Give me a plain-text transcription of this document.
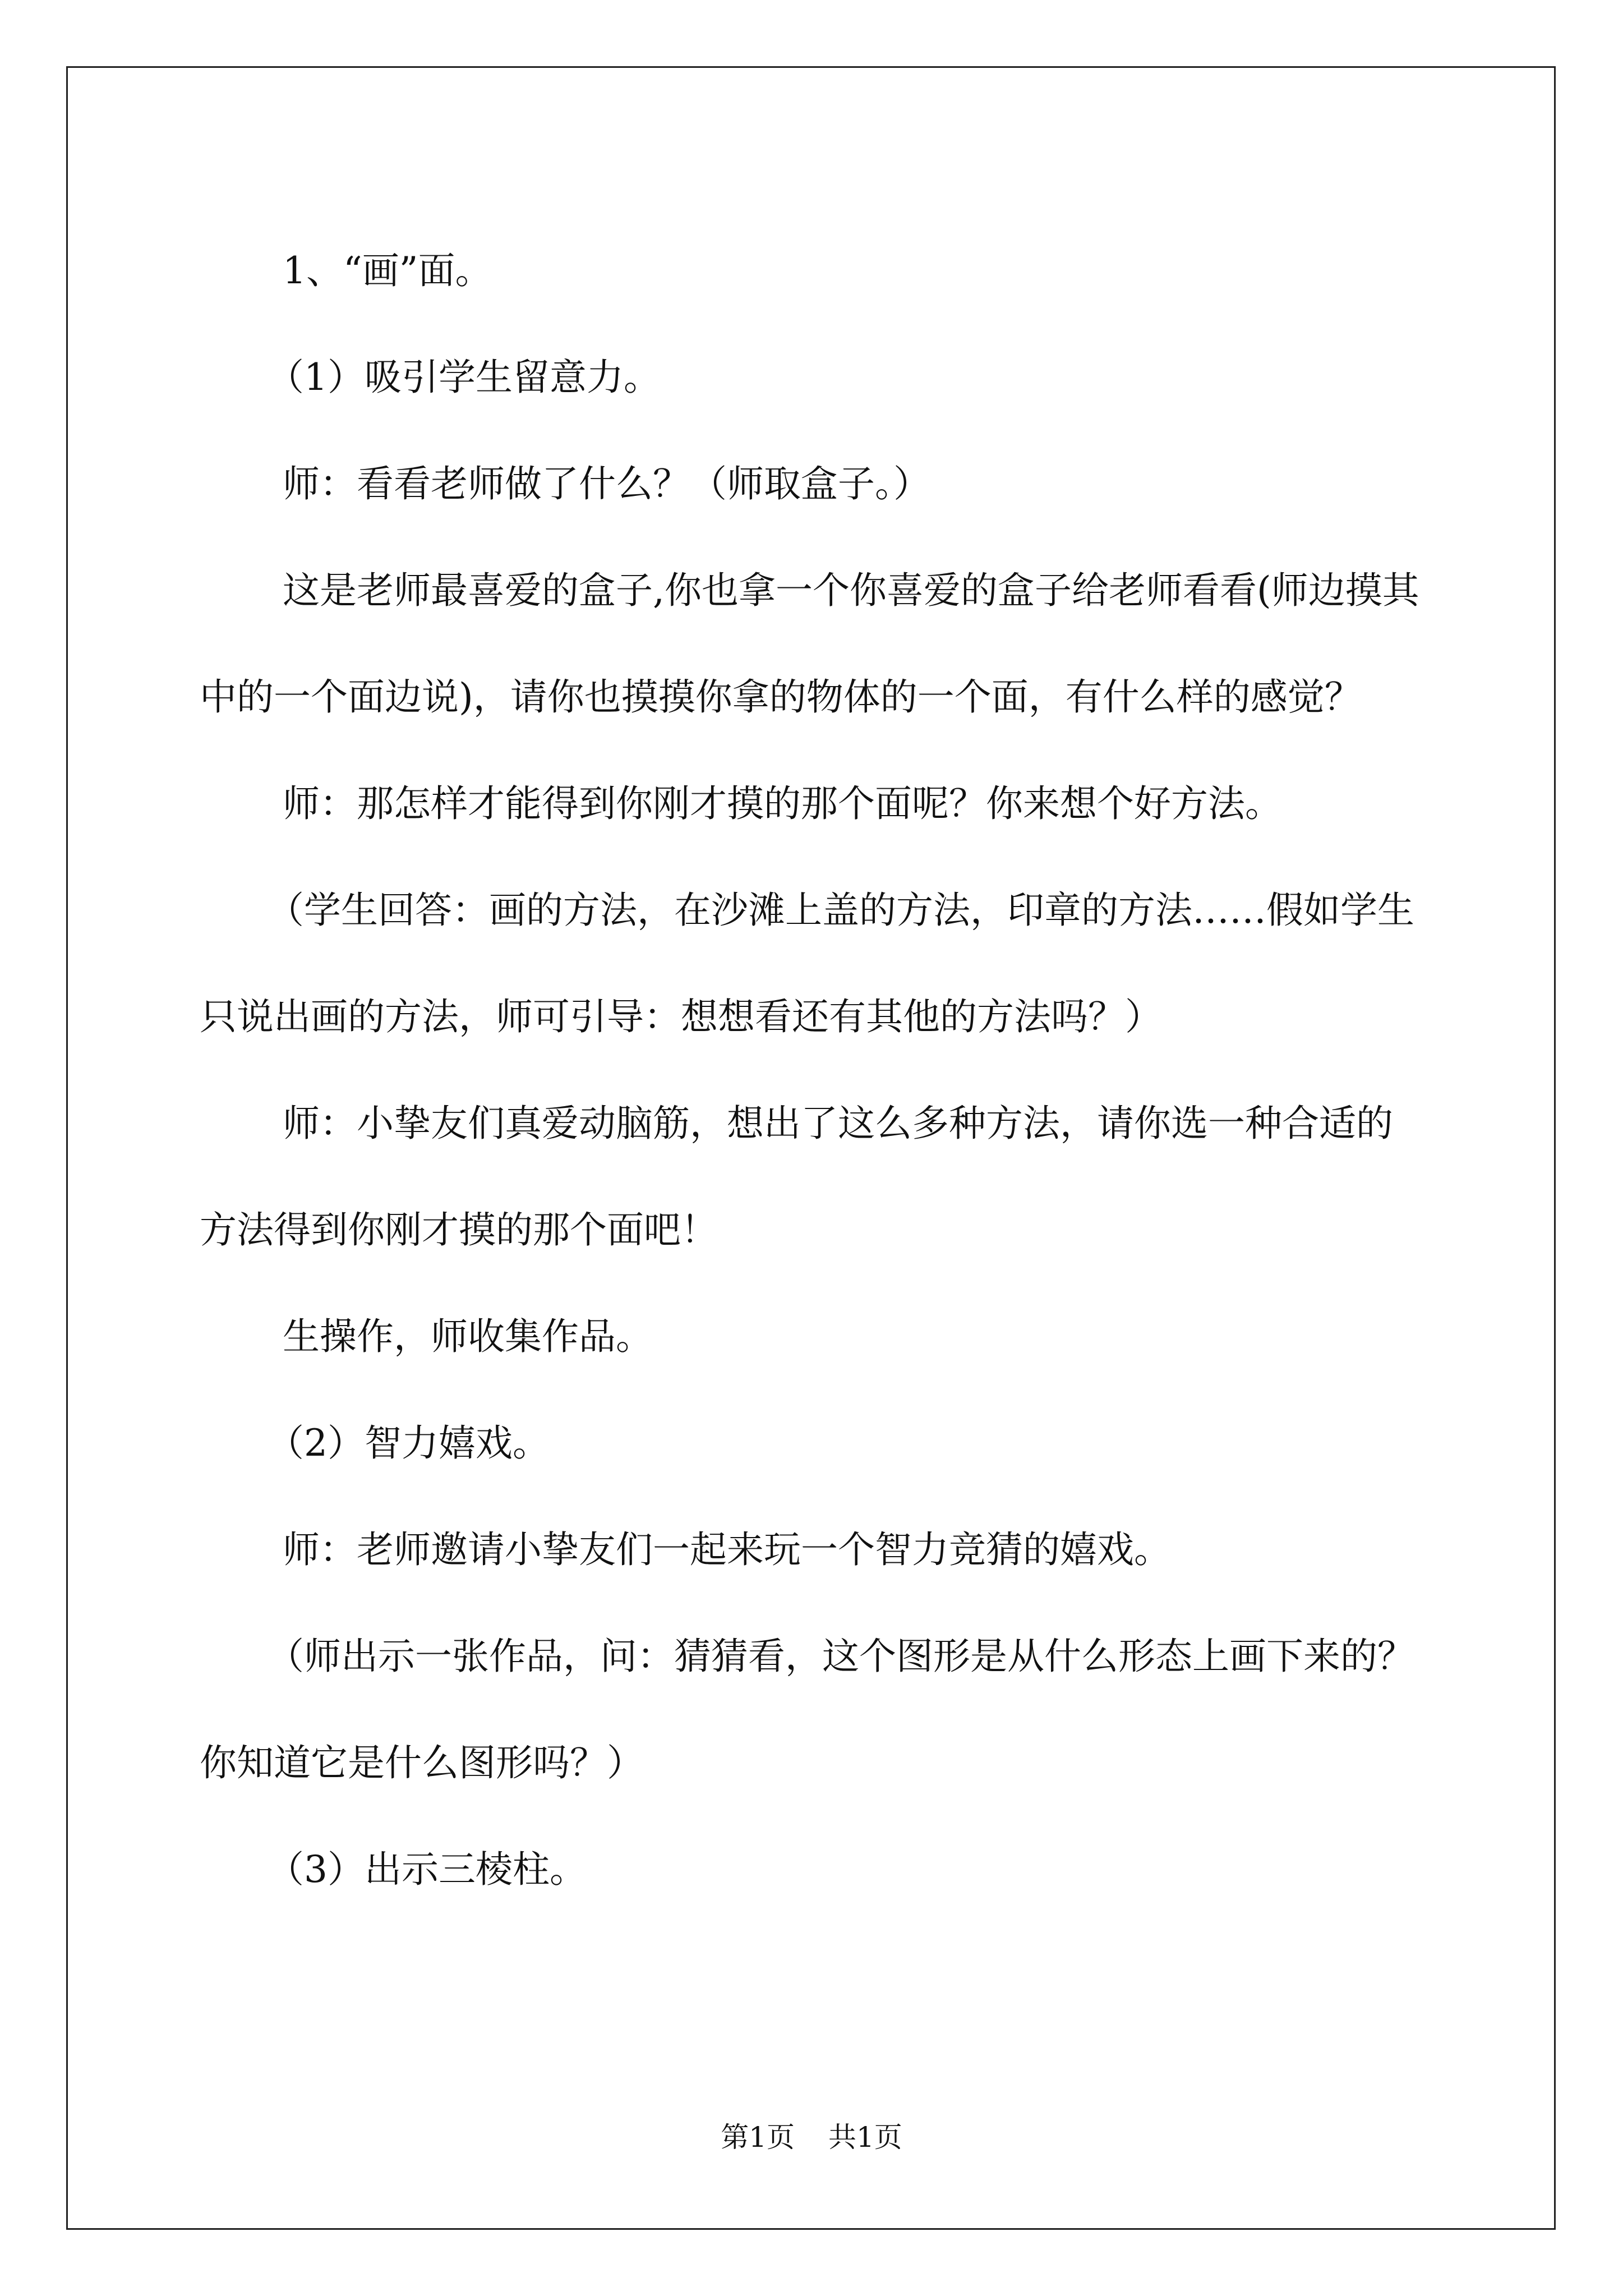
1、“画”面。

（1）吸引学生留意力。

师：看看老师做了什么？（师取盒子。）

这是老师最喜爱的盒子,你也拿一个你喜爱的盒子给老师看看(师边摸其中的一个面边说)，请你也摸摸你拿的物体的一个面，有什么样的感觉？

师：那怎样才能得到你刚才摸的那个面呢？你来想个好方法。

（学生回答：画的方法，在沙滩上盖的方法，印章的方法……假如学生只说出画的方法，师可引导：想想看还有其他的方法吗？）

师：小挚友们真爱动脑筋，想出了这么多种方法，请你选一种合适的方法得到你刚才摸的那个面吧！

生操作，师收集作品。

（2）智力嬉戏。

师：老师邀请小挚友们一起来玩一个智力竞猜的嬉戏。

（师出示一张作品，问：猜猜看，这个图形是从什么形态上画下来的？你知道它是什么图形吗？）

（3）出示三棱柱。

第1页 共1页
